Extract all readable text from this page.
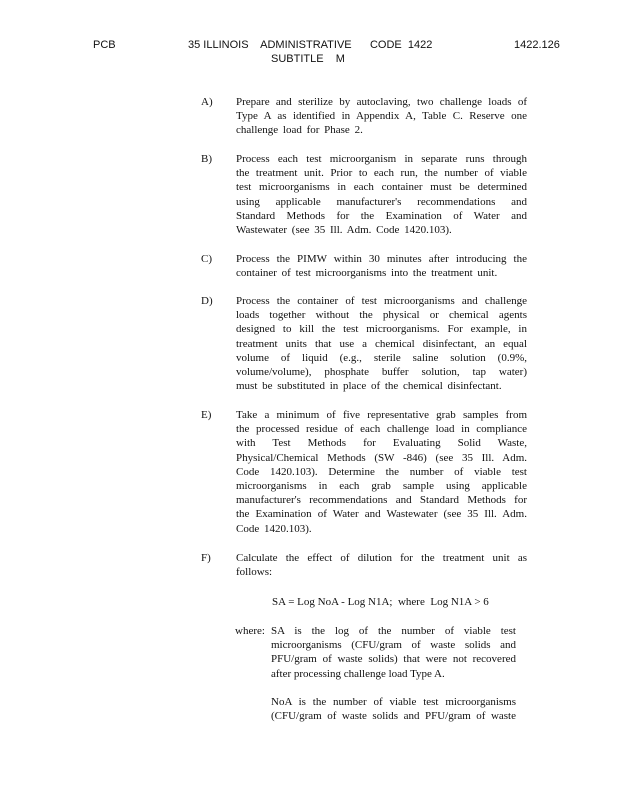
PCB	35 ILLINOIS    ADMINISTRATIVE      CODE  1422
SUBTITLE    M
1422.126
A) Prepare and sterilize by autoclaving, two challenge loads of
Type A as identified in Appendix A, Table C. Reserve one
challenge load for Phase 2.
B) Process each test microorganism in separate runs through
the treatment unit. Prior to each run, the number of viable
test microorganisms in each container must be determined
using applicable manufacturer's recommendations and
Standard Methods for the Examination of Water and
Wastewater (see 35 Ill. Adm. Code 1420.103).
C) Process the PIMW within 30 minutes after introducing the
container of test microorganisms into the treatment unit.
D) Process the container of test microorganisms and challenge
loads together without the physical or chemical agents
designed to kill the test microorganisms. For example, in
treatment units that use a chemical disinfectant, an equal
volume of liquid (e.g., sterile saline solution (0.9%,
volume/volume), phosphate buffer solution, tap water)
must be substituted in place of the chemical disinfectant.
E) Take a minimum of five representative grab samples from
the processed residue of each challenge load in compliance
with Test Methods for Evaluating Solid Waste,
Physical/Chemical Methods (SW -846) (see 35 Ill. Adm.
Code 1420.103). Determine the number of viable test
microorganisms in each grab sample using applicable
manufacturer's recommendations and Standard Methods for
the Examination of Water and Wastewater (see 35 Ill. Adm.
Code 1420.103).
F) Calculate the effect of dilution for the treatment unit as
follows:
SA = Log NoA - Log N1A;  where  Log N1A > 6
where: SA is the log of the number of viable test
microorganisms (CFU/gram of waste solids and
PFU/gram of waste solids) that were not recovered
after processing challenge load Type A.
NoA is the number of viable test microorganisms
(CFU/gram of waste solids and PFU/gram of waste
